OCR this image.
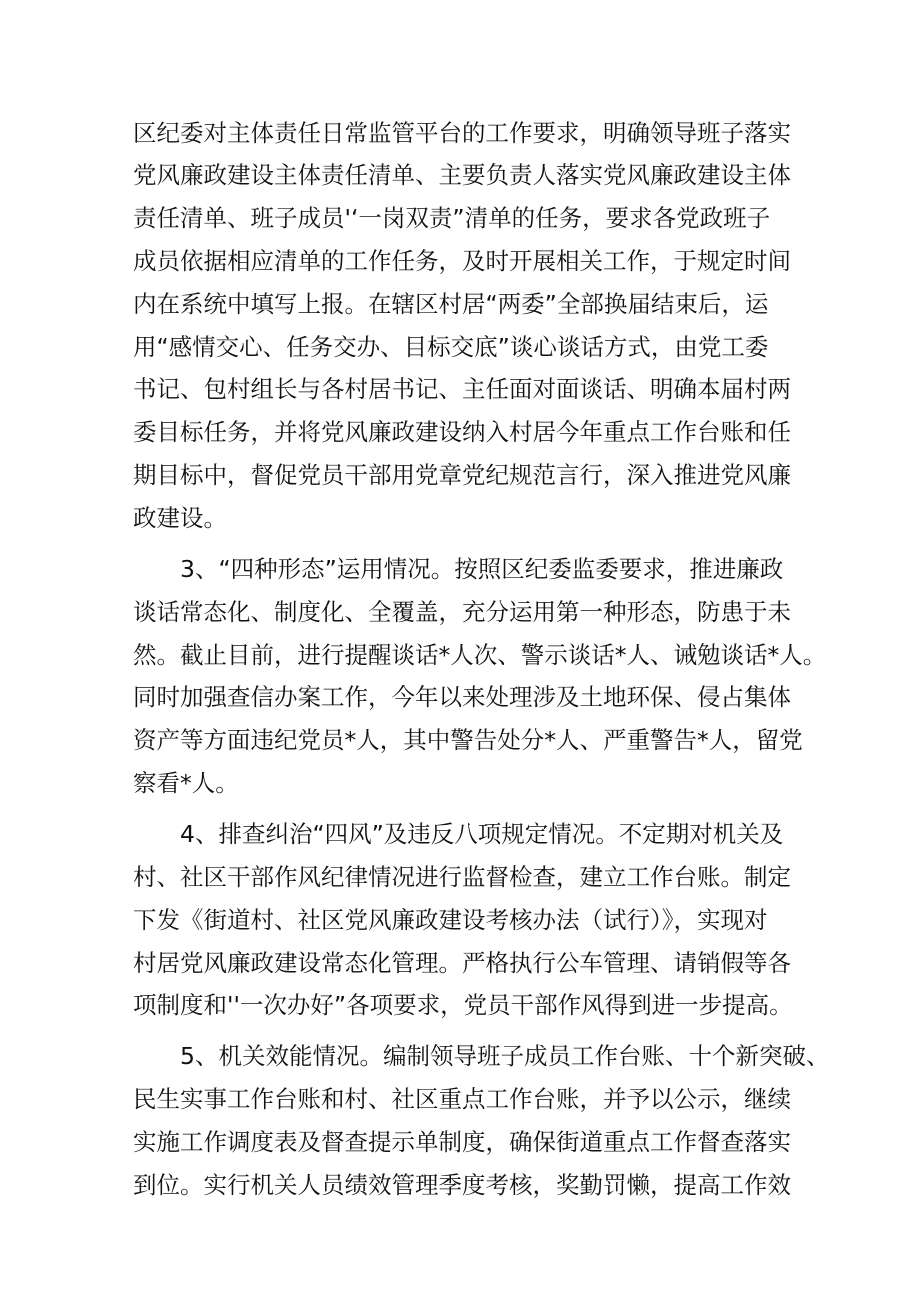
区纪委对主体责任日常监管平台的工作要求，明确领导班子落实
党风廉政建设主体责任清单、主要负责人落实党风廉政建设主体
责任清单、班子成员'‘一岗双责”清单的任务，要求各党政班子
成员依据相应清单的工作任务，及时开展相关工作，于规定时间
内在系统中填写上报。在辖区村居“两委”全部换届结束后，运
用“感情交心、任务交办、目标交底”谈心谈话方式，由党工委
书记、包村组长与各村居书记、主任面对面谈话、明确本届村两
委目标任务，并将党风廉政建设纳入村居今年重点工作台账和任
期目标中，督促党员干部用党章党纪规范言行，深入推进党风廉
政建设。
3、“四种形态”运用情况。按照区纪委监委要求，推进廉政
谈话常态化、制度化、全覆盖，充分运用第一种形态，防患于未
然。截止目前，进行提醒谈话*人次、警示谈话*人、诫勉谈话*人。
同时加强查信办案工作，今年以来处理涉及土地环保、侵占集体
资产等方面违纪党员*人，其中警告处分*人、严重警告*人，留党
察看*人。
4、排查纠治“四风”及违反八项规定情况。不定期对机关及
村、社区干部作风纪律情况进行监督检查，建立工作台账。制定
下发《街道村、社区党风廉政建设考核办法（试行）》，实现对
村居党风廉政建设常态化管理。严格执行公车管理、请销假等各
项制度和''一次办好”各项要求，党员干部作风得到进一步提高。
5、机关效能情况。编制领导班子成员工作台账、十个新突破、
民生实事工作台账和村、社区重点工作台账，并予以公示，继续
实施工作调度表及督查提示单制度，确保街道重点工作督查落实
到位。实行机关人员绩效管理季度考核，奖勤罚懒，提高工作效
